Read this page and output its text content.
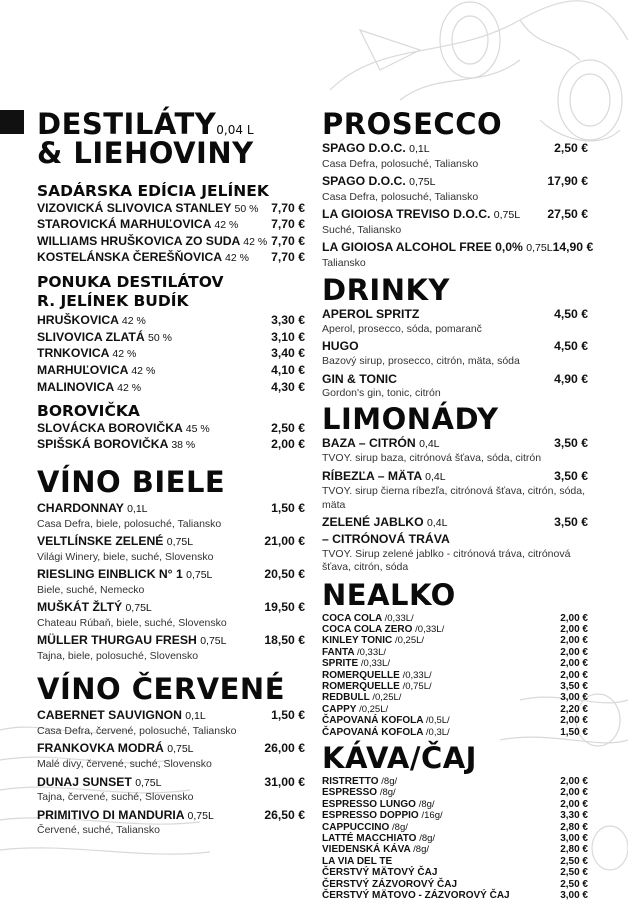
DESTILÁTY0,04 L
& LIEHOVINY
SADÁRSKA EDÍCIA JELÍNEK
VIZOVICKÁ SLIVOVICA STANLEY 50 % 7,70 €
STAROVICKÁ MARHUĽOVICA 42 %	7,70 €
WILLIAMS HRUŠKOVICA ZO SUDA 42 % 7,70 €
KOSTELÁNSKA ČEREŠŇOVICA 42 % 7,70 €
PONUKA DESTILÁTOV
R. JELÍNEK BUDÍK
HRUŠKOVICA 42 %	3,30 €
SLIVOVICA ZLATÁ 50 %	3,10 €
TRNKOVICA 42 %	3,40 €
MARHUĽOVICA 42 %	4,10 €
MALINOVICA 42 %	4,30 €
BOROVIČKA
SLOVÁCKA BOROVIČKA 45 %	2,50 €
SPIŠSKÁ BOROVIČKA 38 %	2,00 €
VÍNO BIELE
CHARDONNAY 0,1L	1,50 €
Casa Defra, biele, polosuché, Taliansko
VELTLÍNSKE ZELENÉ 0,75L	21,00 €
Világi Winery, biele, suché, Slovensko
RIESLING EINBLICK N° 1 0,75L	20,50 €
Biele, suché, Nemecko
MUŠKÁT ŽLTÝ 0,75L	19,50 €
Chateau Rúbaň, biele, suché, Slovensko
MÜLLER THURGAU FRESH 0,75L	18,50 €
Tajna, biele, polosuché, Slovensko
VÍNO ČERVENÉ
CABERNET SAUVIGNON 0,1L	1,50 €
Casa Defra, červené, polosuché, Taliansko
FRANKOVKA MODRÁ 0,75L	26,00 €
Malé divy, červené, suché, Slovensko
DUNAJ SUNSET 0,75L	31,00 €
Tajna, červené, suché, Slovensko
PRIMITIVO DI MANDURIA 0,75L	26,50 €
Červené, suché, Taliansko
PROSECCO
SPAGO D.O.C. 0,1L	2,50 €
Casa Defra, polosuché, Taliansko
SPAGO D.O.C. 0,75L	17,90 €
Casa Defra, polosuché, Taliansko
LA GIOIOSA TREVISO D.O.C. 0,75L 27,50 €
Suché, Taliansko
LA GIOIOSA ALCOHOL FREE 0,0% 0,75L 14,90 €
Taliansko
DRINKY
APEROL SPRITZ	4,50 €
Aperol, prosecco, sóda, pomaranč
HUGO	4,50 €
Bazový sirup, prosecco, citrón, mäta, sóda
GIN & TONIC	4,90 €
Gordon's gin, tonic, citrón
LIMONÁDY
BAZA – CITRÓN 0,4L	3,50 €
TVOY. sirup baza, citrónová šťava, sóda, citrón
RÍBEZĽA – MÄTA 0,4L	3,50 €
TVOY. sirup čierna ríbezľa, citrónová šťava, citrón, sóda, mäta
ZELENÉ JABLKO 0,4L	3,50 €
– CITRÓNOVÁ TRÁVA
TVOY. Sirup zelené jablko - citrónová tráva, citrónová šťava, citrón, sóda
NEALKO
COCA COLA /0,33L/	2,00 €
COCA COLA ZERO /0,33L/	2,00 €
KINLEY TONIC /0,25L/	2,00 €
FANTA /0,33L/	2,00 €
SPRITE /0,33L/	2,00 €
ROMERQUELLE /0,33L/	2,00 €
ROMERQUELLE /0,75L/	3,50 €
REDBULL /0,25L/	3,00 €
CAPPY /0,25L/	2,20 €
ČAPOVANÁ KOFOLA /0,5L/	2,00 €
ČAPOVANÁ KOFOLA /0,3L/	1,50 €
KÁVA/ČAJ
RISTRETTO /8g/	2,00 €
ESPRESSO /8g/	2,00 €
ESPRESSO LUNGO /8g/	2,00 €
ESPRESSO DOPPIO /16g/	3,30 €
CAPPUCCINO /8g/	2,80 €
LATTÉ MACCHIATO /8g/	3,00 €
VIEDENSKÁ KÁVA /8g/	2,80 €
LA VIA DEL TE	2,50 €
ČERSTVÝ MÄTOVÝ ČAJ	2,50 €
ČERSTVÝ ZÁZVOROVÝ ČAJ	2,50 €
ČERSTVÝ MÄTOVO - ZÁZVOROVÝ ČAJ	3,00 €
